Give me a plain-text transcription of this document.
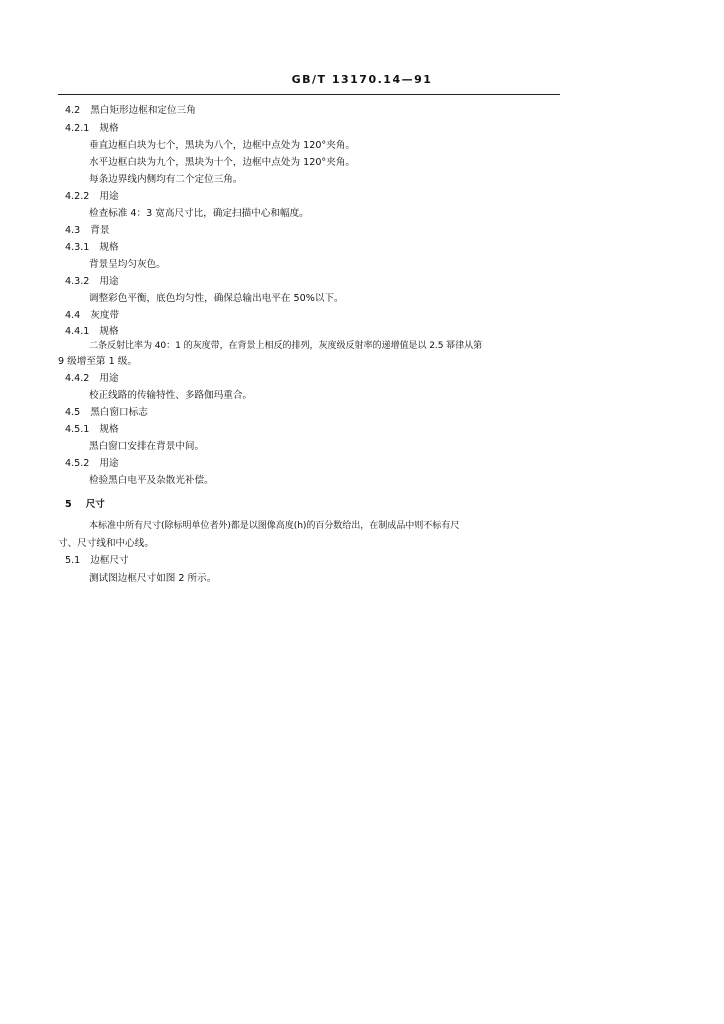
GB/T 13170.14—91
4.2 黑白矩形边框和定位三角
4.2.1 规格
垂直边框白块为七个，黑块为八个，边框中点处为 120°夹角。
水平边框白块为九个，黑块为十个，边框中点处为 120°夹角。
每条边界线内侧均有二个定位三角。
4.2.2 用途
检查标准 4：3 宽高尺寸比，确定扫描中心和幅度。
4.3 背景
4.3.1 规格
背景呈均匀灰色。
4.3.2 用途
调整彩色平衡，底色均匀性，确保总输出电平在 50%以下。
4.4 灰度带
4.4.1 规格
二条反射比率为 40：1 的灰度带，在背景上相反的排列，灰度级反射率的递增值是以 2.5 幂律从第
9 级增至第 1 级。
4.4.2 用途
校正线路的传输特性、多路伽玛重合。
4.5 黑白窗口标志
4.5.1 规格
黑白窗口安排在背景中间。
4.5.2 用途
检验黑白电平及杂散光补偿。
5 尺寸
本标准中所有尺寸(除标明单位者外)都是以图像高度(h)的百分数给出，在制成品中则不标有尺
寸、尺寸线和中心线。
5.1 边框尺寸
测试图边框尺寸如图 2 所示。
